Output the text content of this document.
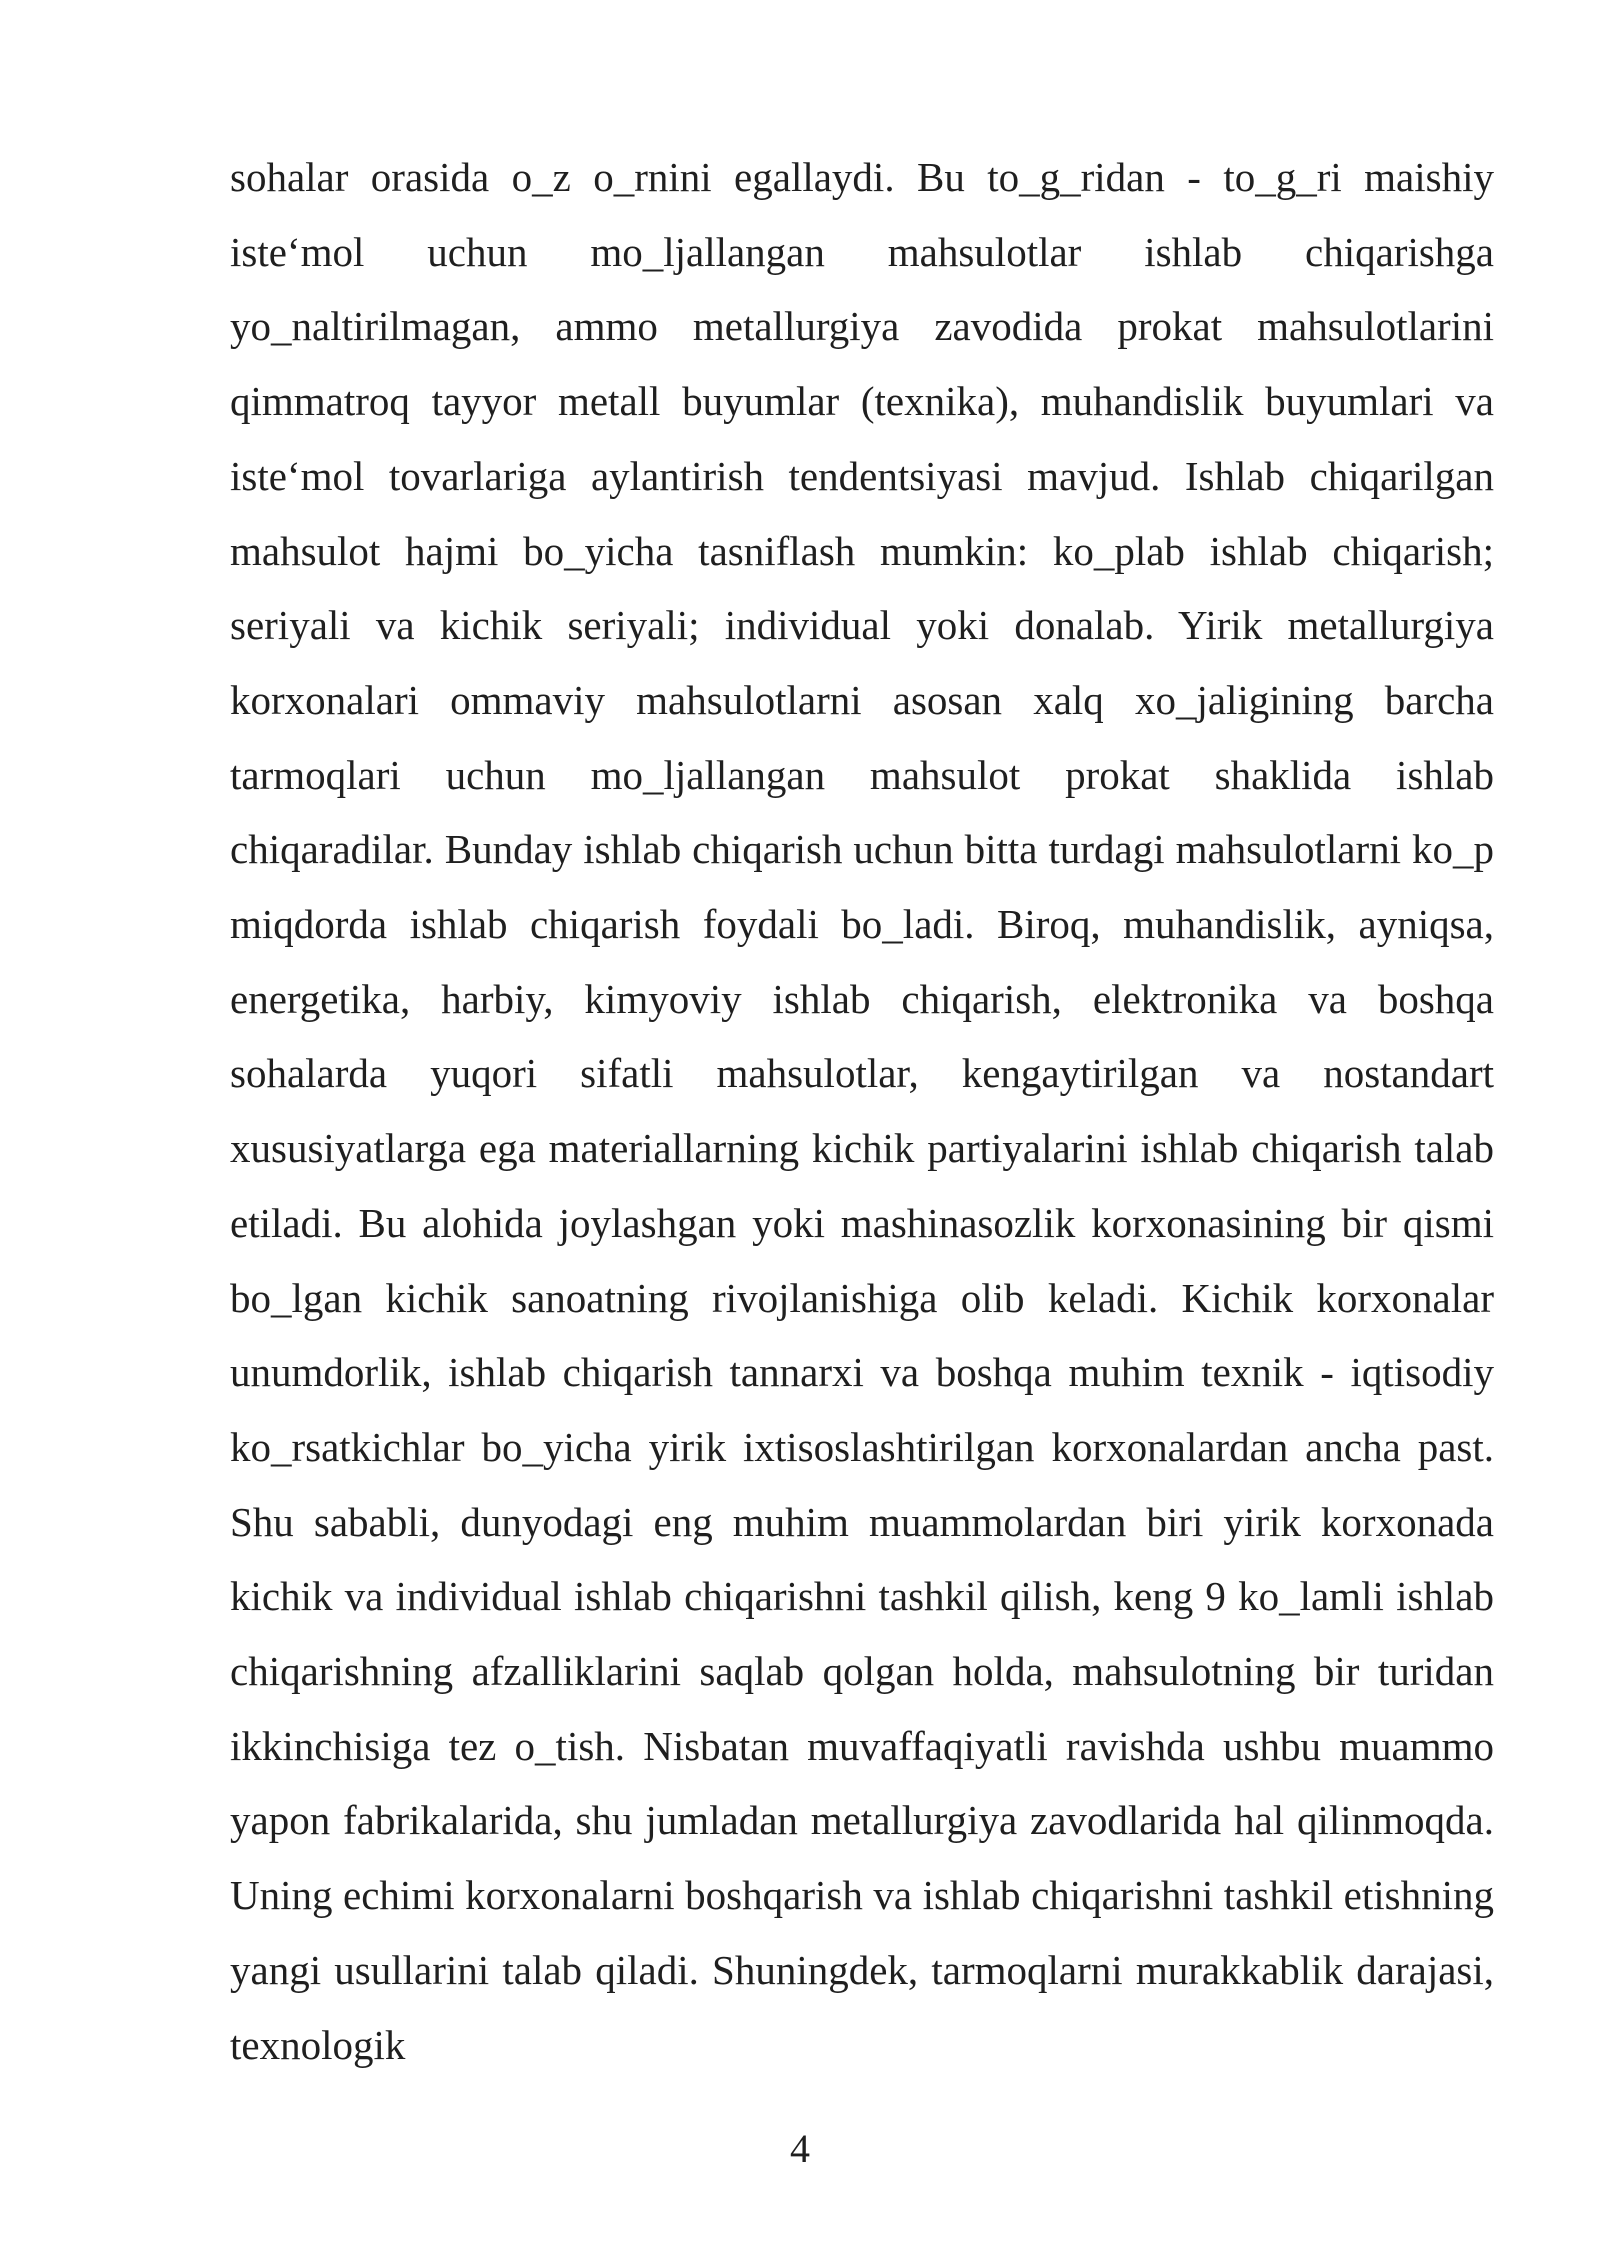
sohalar orasida o_z o_rnini egallaydi. Bu to_g_ridan - to_g_ri maishiy iste‘mol uchun mo_ljallangan mahsulotlar ishlab chiqarishga yo_naltirilmagan, ammo metallurgiya zavodida prokat mahsulotlarini qimmatroq tayyor metall buyumlar (texnika), muhandislik buyumlari va iste‘mol tovarlariga aylantirish tendentsiyasi mavjud. Ishlab chiqarilgan mahsulot hajmi bo_yicha tasniflash mumkin: ko_plab ishlab chiqarish; seriyali va kichik seriyali; individual yoki donalab. Yirik metallurgiya korxonalari ommaviy mahsulotlarni asosan xalq xo_jaligining barcha tarmoqlari uchun mo_ljallangan mahsulot prokat shaklida ishlab chiqaradilar. Bunday ishlab chiqarish uchun bitta turdagi mahsulotlarni ko_p miqdorda ishlab chiqarish foydali bo_ladi. Biroq, muhandislik, ayniqsa, energetika, harbiy, kimyoviy ishlab chiqarish, elektronika va boshqa sohalarda yuqori sifatli mahsulotlar, kengaytirilgan va nostandart xususiyatlarga ega materiallarning kichik partiyalarini ishlab chiqarish talab etiladi. Bu alohida joylashgan yoki mashinasozlik korxonasining bir qismi bo_lgan kichik sanoatning rivojlanishiga olib keladi. Kichik korxonalar unumdorlik, ishlab chiqarish tannarxi va boshqa muhim texnik - iqtisodiy ko_rsatkichlar bo_yicha yirik ixtisoslashtirilgan korxonalardan ancha past. Shu sababli, dunyodagi eng muhim muammolardan biri yirik korxonada kichik va individual ishlab chiqarishni tashkil qilish, keng 9 ko_lamli ishlab chiqarishning afzalliklarini saqlab qolgan holda, mahsulotning bir turidan ikkinchisiga tez o_tish. Nisbatan muvaffaqiyatli ravishda ushbu muammo yapon fabrikalarida, shu jumladan metallurgiya zavodlarida hal qilinmoqda. Uning echimi korxonalarni boshqarish va ishlab chiqarishni tashkil etishning yangi usullarini talab qiladi. Shuningdek, tarmoqlarni murakkablik darajasi, texnologik

4
